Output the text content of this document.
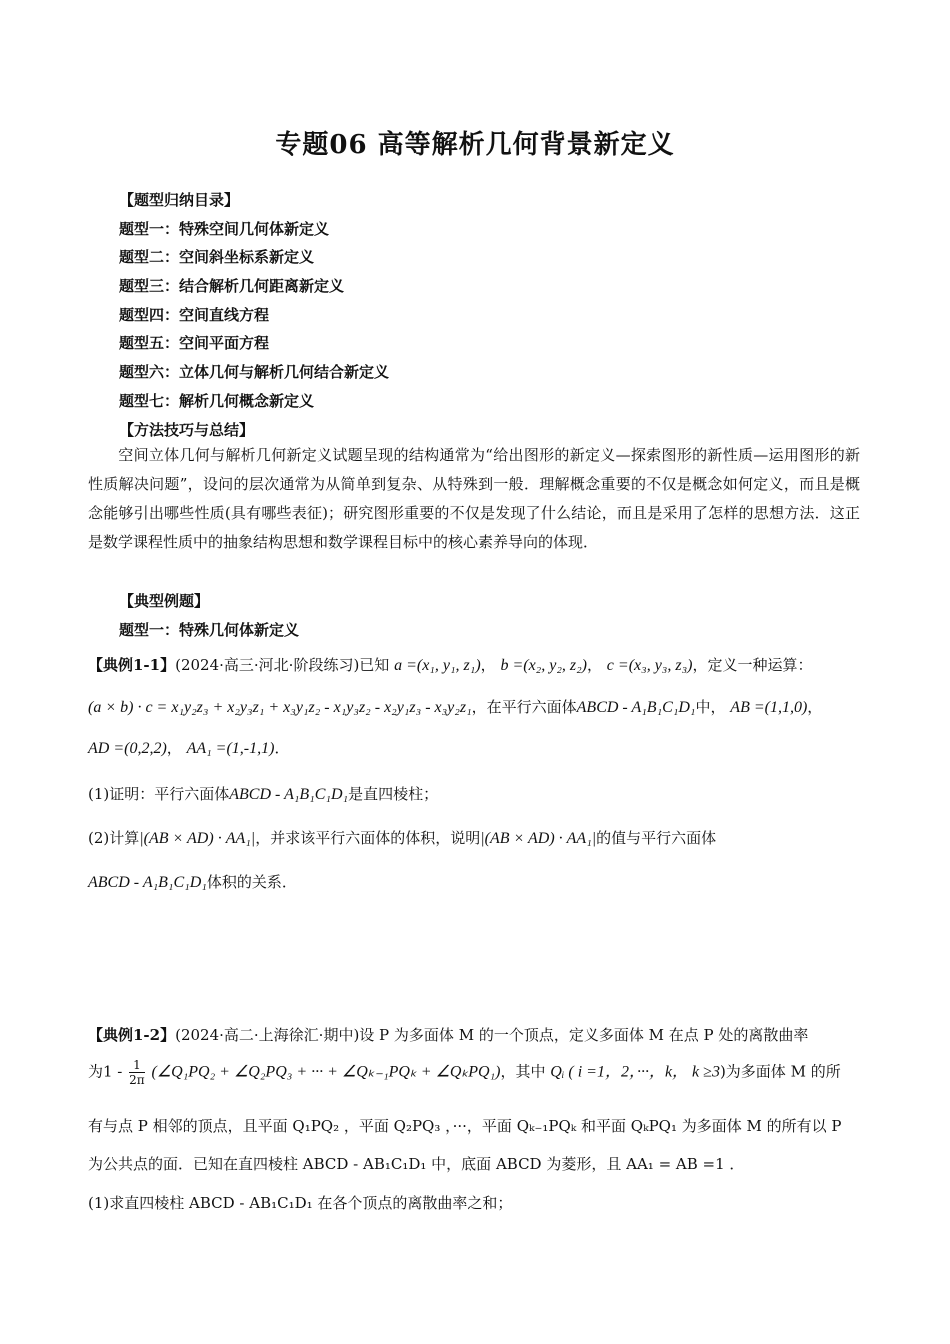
专题06 高等解析几何背景新定义
【题型归纳目录】
题型一：特殊空间几何体新定义
题型二：空间斜坐标系新定义
题型三：结合解析几何距离新定义
题型四：空间直线方程
题型五：空间平面方程
题型六：立体几何与解析几何结合新定义
题型七：解析几何概念新定义
【方法技巧与总结】
空间立体几何与解析几何新定义试题呈现的结构通常为“给出图形的新定义—探索图形的新性质—运用图形的新性质解决问题”，设问的层次通常为从简单到复杂、从特殊到一般．理解概念重要的不仅是概念如何定义，而且是概念能够引出哪些性质(具有哪些表征)；研究图形重要的不仅是发现了什么结论，而且是采用了怎样的思想方法．这正是数学课程性质中的抽象结构思想和数学课程目标中的核心素养导向的体现．
【典型例题】
题型一：特殊几何体新定义
【典例1-1】(2024·高三·河北·阶段练习)已知 a =(x₁, y₁, z₁)， b =(x₂, y₂, z₂)， c =(x₃, y₃, z₃)，定义一种运算：
(a × b) · c = x₁y₂z₃ + x₂y₃z₁ + x₃y₁z₂ - x₁y₃z₂ - x₂y₁z₃ - x₃y₂z₁，在平行六面体ABCD - A₁B₁C₁D₁中， AB =(1,1,0)，
AD =(0,2,2)， AA₁ =(1,-1,1)．
(1)证明：平行六面体ABCD - A₁B₁C₁D₁是直四棱柱；
(2)计算|(AB × AD) · AA₁|，并求该平行六面体的体积，说明|(AB × AD) · AA₁|的值与平行六面体
ABCD - A₁B₁C₁D₁体积的关系．
【典例1-2】(2024·高二·上海徐汇·期中)设 P 为多面体 M 的一个顶点，定义多面体 M 在点 P 处的离散曲率
为$1 - \frac{1}{2\pi}$ (∠Q₁PQ₂ + ∠Q₂PQ₃ + ··· + ∠Qₖ₋₁PQₖ + ∠QₖPQ₁)，其中 Qᵢ ( i =1，2，···，k， k ≥3)为多面体 M 的所
有与点 P 相邻的顶点，且平面 Q₁PQ₂ ，平面 Q₂PQ₃ ，···，平面 Qₖ₋₁PQₖ 和平面 QₖPQ₁ 为多面体 M 的所有以 P
为公共点的面．已知在直四棱柱 ABCD - AB₁C₁D₁ 中，底面 ABCD 为菱形，且 AA₁ = AB =1 ．
(1)求直四棱柱 ABCD - AB₁C₁D₁ 在各个顶点的离散曲率之和；
